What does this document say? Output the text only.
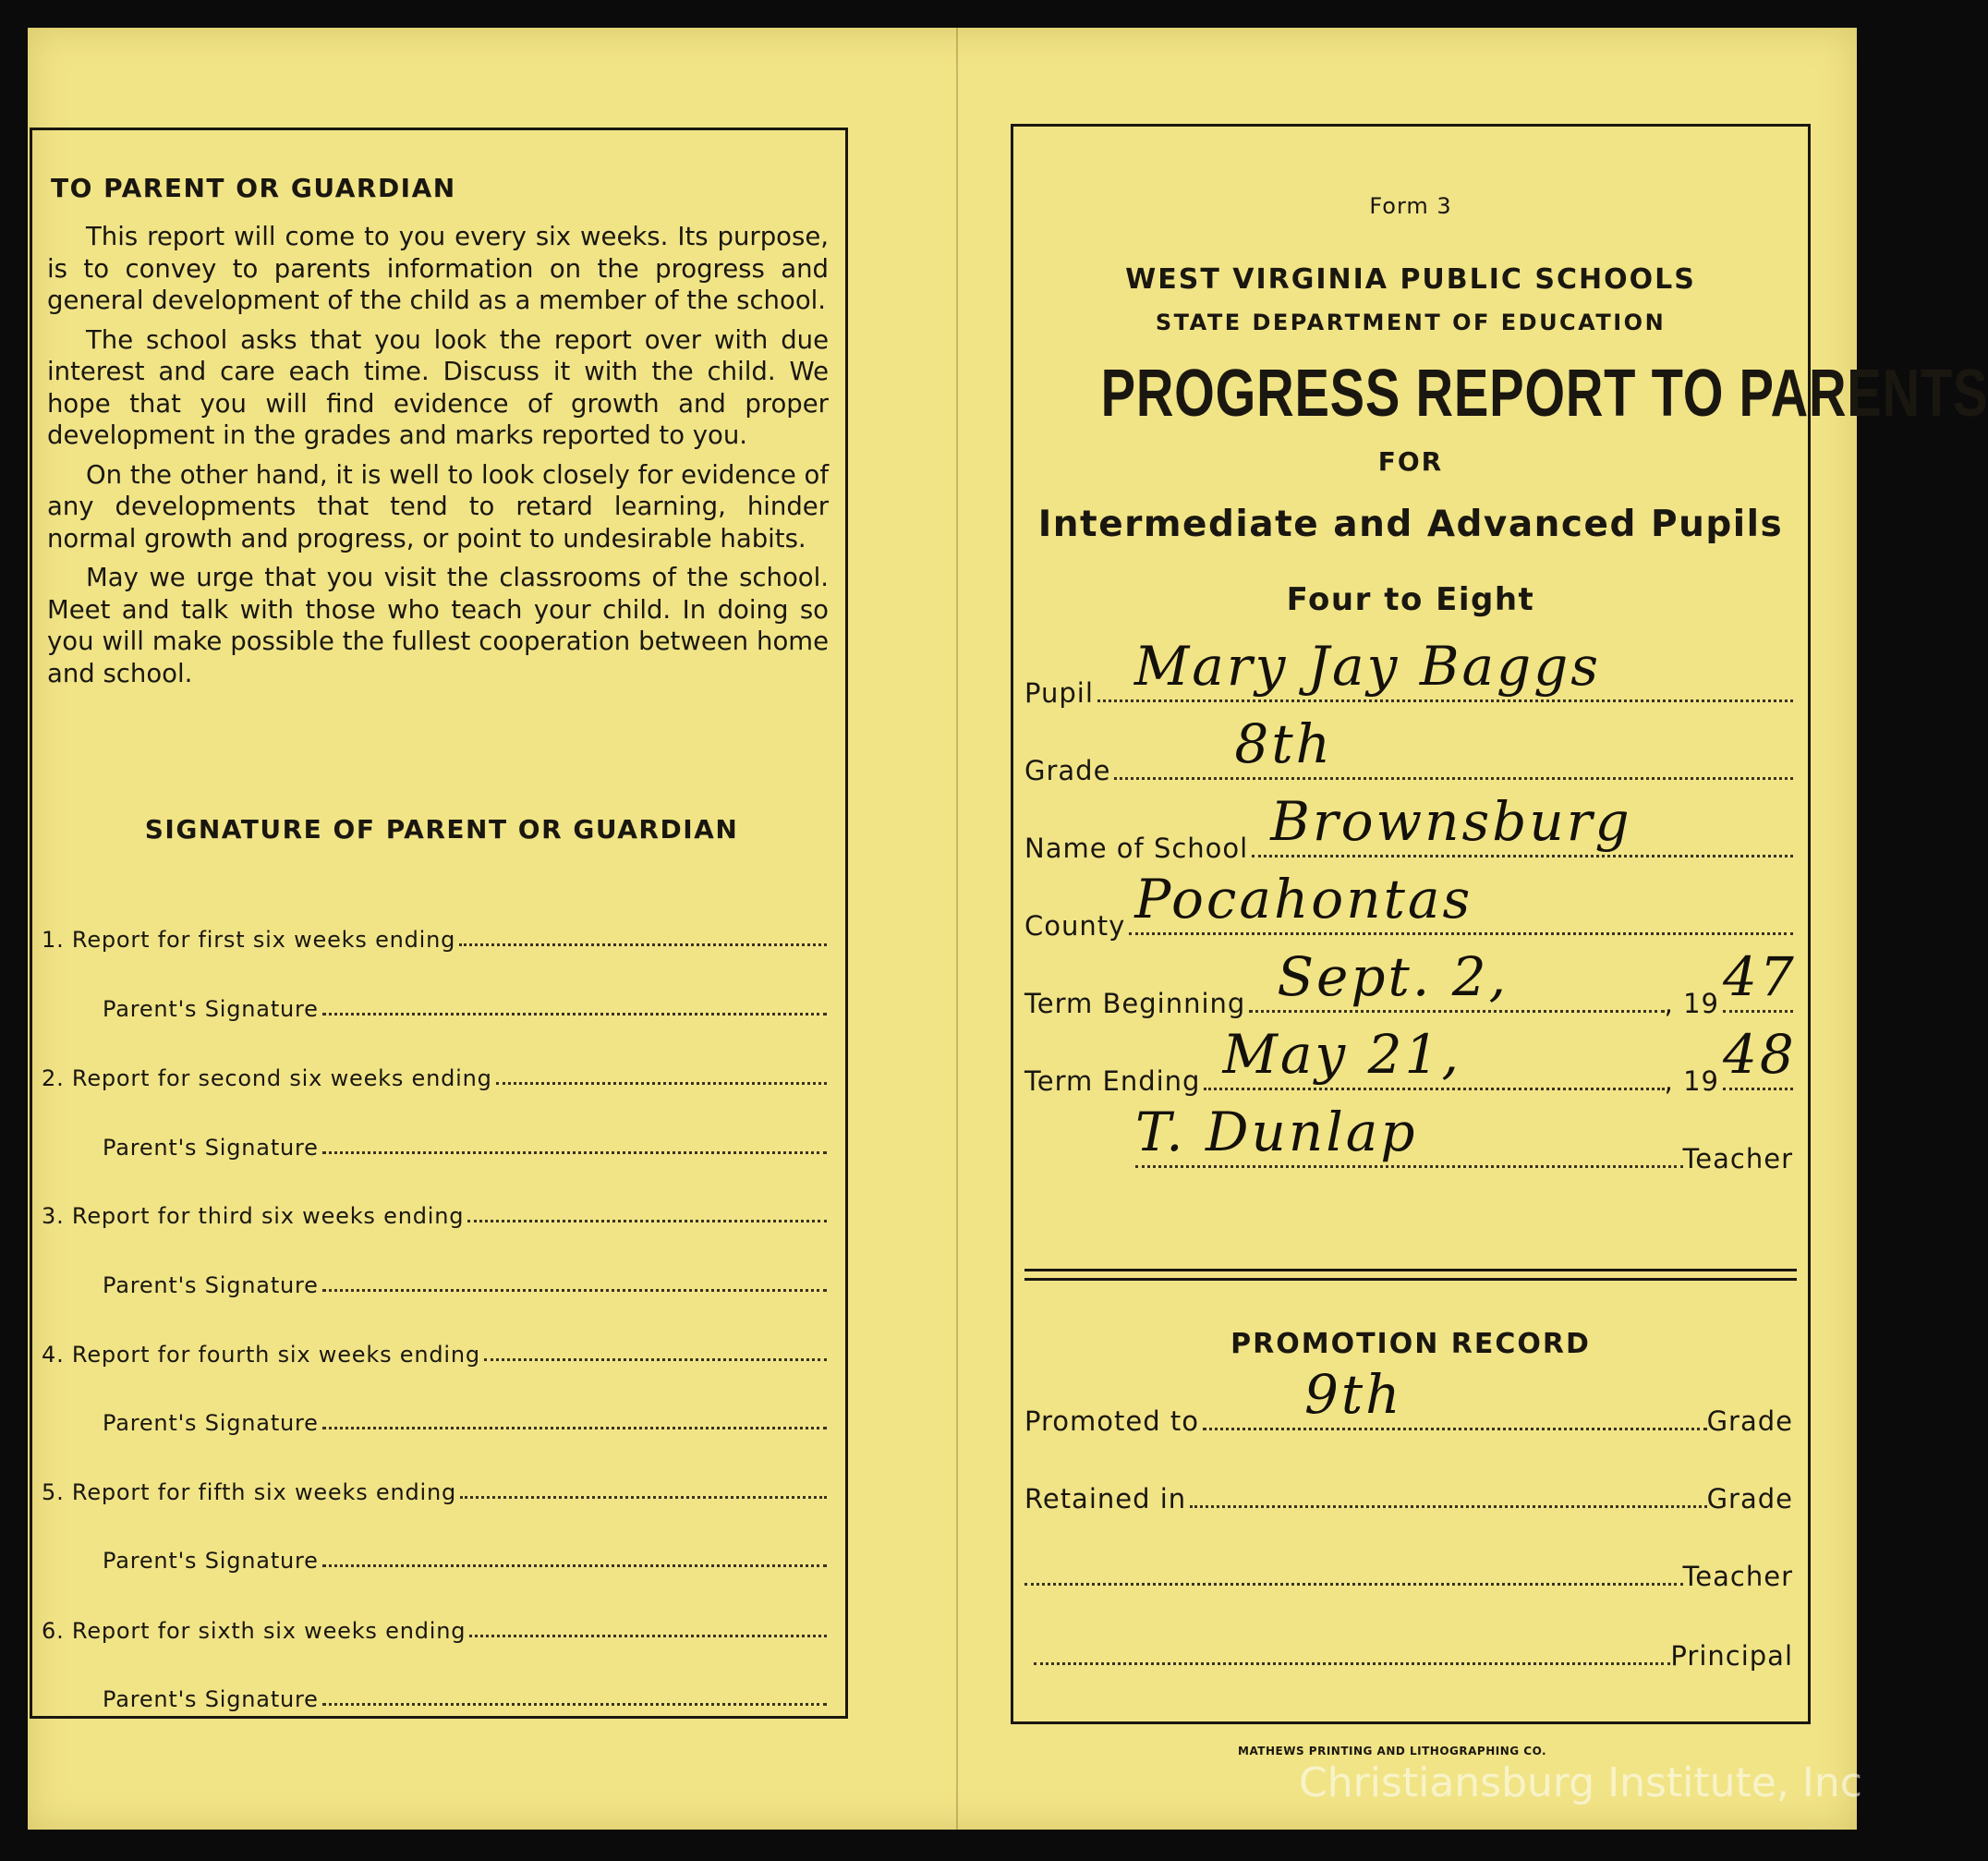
TO PARENT OR GUARDIAN

This report will come to you every six weeks. Its purpose, is to convey to parents information on the progress and general development of the child as a member of the school.

The school asks that you look the report over with due interest and care each time. Discuss it with the child. We hope that you will find evidence of growth and proper development in the grades and marks reported to you.

On the other hand, it is well to look closely for evidence of any developments that tend to retard learning, hinder normal growth and progress, or point to undesirable habits.

May we urge that you visit the classrooms of the school. Meet and talk with those who teach your child. In doing so you will make possible the fullest cooperation between home and school.

SIGNATURE OF PARENT OR GUARDIAN
1. Report for first six weeks ending
Parent's Signature
2. Report for second six weeks ending
Parent's Signature
3. Report for third six weeks ending
Parent's Signature
4. Report for fourth six weeks ending
Parent's Signature
5. Report for fifth six weeks ending
Parent's Signature
6. Report for sixth six weeks ending
Parent's Signature
Form 3
WEST VIRGINIA PUBLIC SCHOOLS
STATE DEPARTMENT OF EDUCATION
PROGRESS REPORT TO PARENTS
FOR
Intermediate and Advanced Pupils
Four to Eight
Pupil Mary Jay Baggs
Grade 8th
Name of School Brownsburg
County Pocahontas
Term Beginning Sept. 2,	, 19 47
Term Ending May 21,	, 19 48
T. Dunlap	Teacher
PROMOTION RECORD
Promoted to 9th	Grade
Retained in	Grade
Teacher
Principal
MATHEWS PRINTING AND LITHOGRAPHING CO.
Christiansburg Institute, Inc
